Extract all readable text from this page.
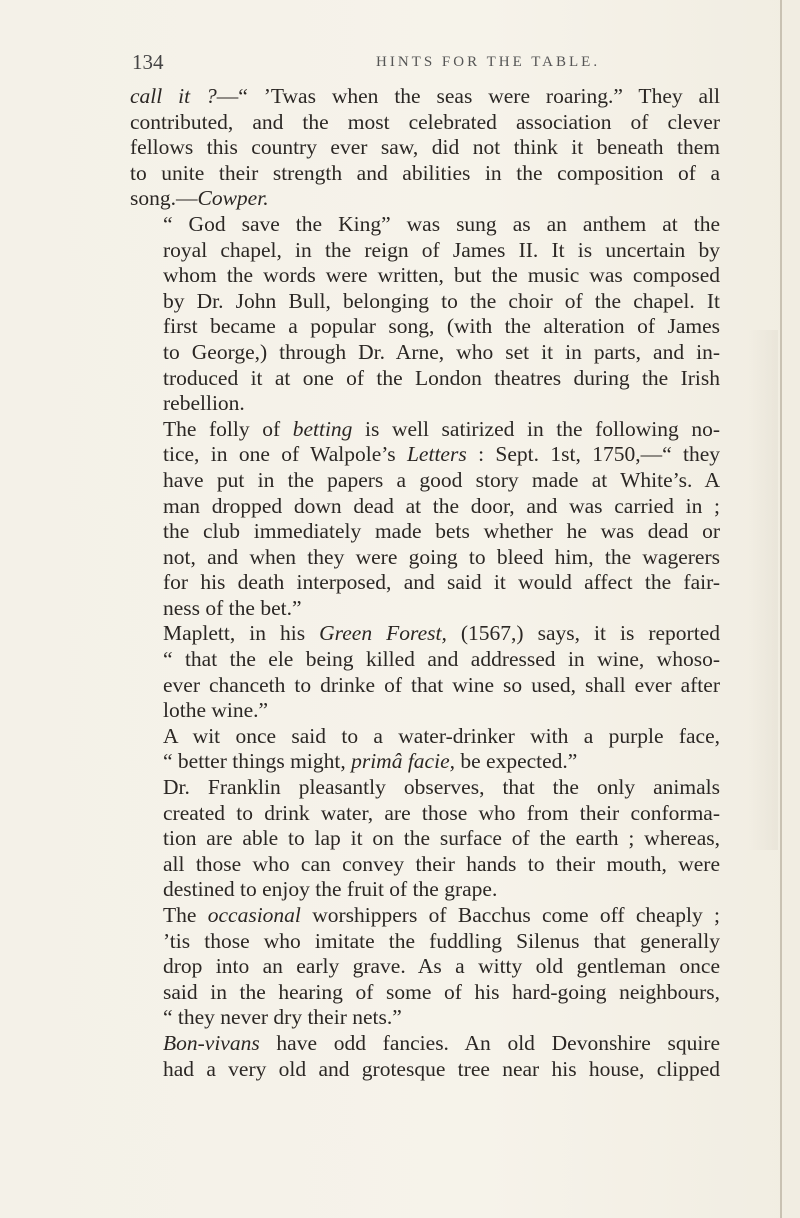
134	HINTS FOR THE TABLE.

call it ?—“ ’Twas when the seas were roaring.” They all
contributed, and the most celebrated association of clever
fellows this country ever saw, did not think it beneath them
to unite their strength and abilities in the composition of a
song.—Cowper.

“ God save the King” was sung as an anthem at the
royal chapel, in the reign of James II. It is uncertain by
whom the words were written, but the music was composed
by Dr. John Bull, belonging to the choir of the chapel. It
first became a popular song, (with the alteration of James
to George,) through Dr. Arne, who set it in parts, and in-
troduced it at one of the London theatres during the Irish
rebellion.

The folly of betting is well satirized in the following no-
tice, in one of Walpole’s Letters : Sept. 1st, 1750,—“ they
have put in the papers a good story made at White’s. A
man dropped down dead at the door, and was carried in ;
the club immediately made bets whether he was dead or
not, and when they were going to bleed him, the wagerers
for his death interposed, and said it would affect the fair-
ness of the bet.”

Maplett, in his Green Forest, (1567,) says, it is reported
“ that the ele being killed and addressed in wine, whoso-
ever chanceth to drinke of that wine so used, shall ever after
lothe wine.”

A wit once said to a water-drinker with a purple face,
“ better things might, primâ facie, be expected.”

Dr. Franklin pleasantly observes, that the only animals
created to drink water, are those who from their conforma-
tion are able to lap it on the surface of the earth ; whereas,
all those who can convey their hands to their mouth, were
destined to enjoy the fruit of the grape.

The occasional worshippers of Bacchus come off cheaply ;
’tis those who imitate the fuddling Silenus that generally
drop into an early grave. As a witty old gentleman once
said in the hearing of some of his hard-going neighbours,
“ they never dry their nets.”

Bon-vivans have odd fancies. An old Devonshire squire
had a very old and grotesque tree near his house, clipped
